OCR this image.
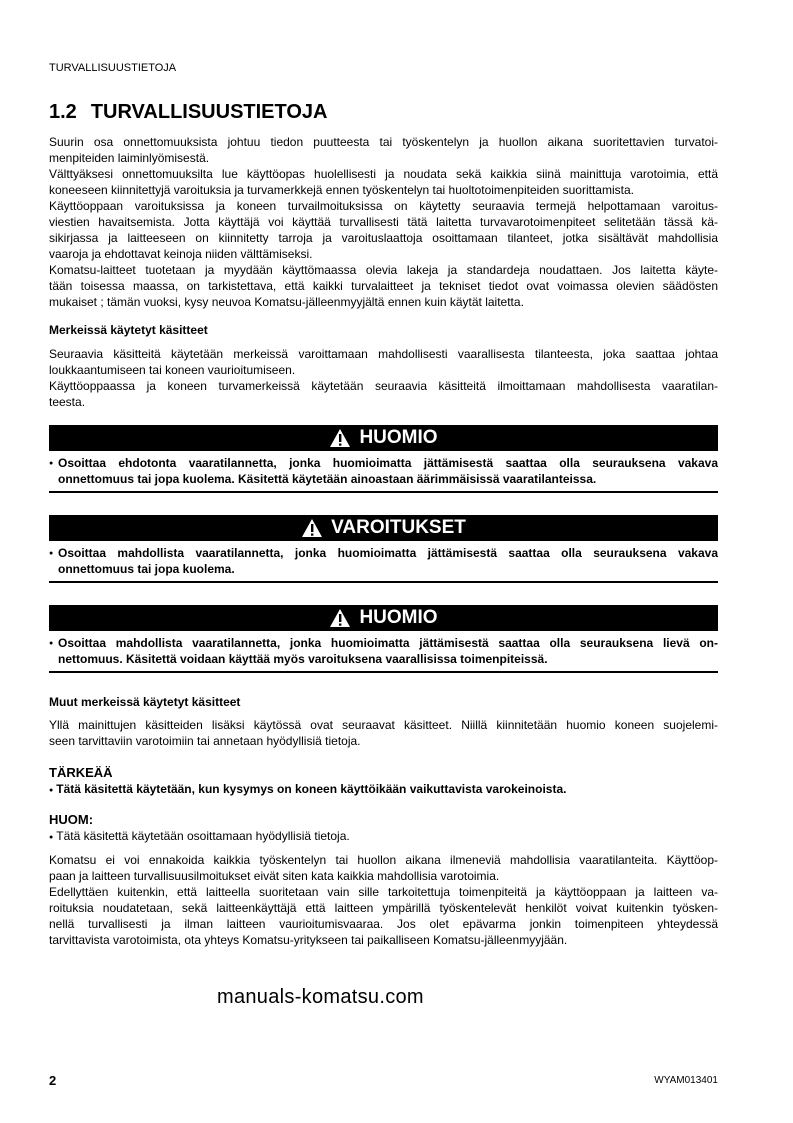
TURVALLISUUSTIETOJA
1.2 TURVALLISUUSTIETOJA
Suurin osa onnettomuuksista johtuu tiedon puutteesta tai työskentelyn ja huollon aikana suoritettavien turvatoi-
menpiteiden laiminlyömisestä.
Välttyäksesi onnettomuuksilta lue käyttöopas huolellisesti ja noudata sekä kaikkia siinä mainittuja varotoimia, että
koneeseen kiinnitettyjä varoituksia ja turvamerkkejä ennen työskentelyn tai huoltotoimenpiteiden suorittamista.
Käyttöoppaan varoituksissa ja koneen turvailmoituksissa on käytetty seuraavia termejä helpottamaan varoitus-
viestien havaitsemista. Jotta käyttäjä voi käyttää turvallisesti tätä laitetta turvavarotoimenpiteet selitetään tässä kä-
sikirjassa ja laitteeseen on kiinnitetty tarroja ja varoituslaattoja osoittamaan tilanteet, jotka sisältävät mahdollisia
vaaroja ja ehdottavat keinoja niiden välttämiseksi.
Komatsu-laitteet tuotetaan ja myydään käyttömaassa olevia lakeja ja standardeja noudattaen. Jos laitetta käyte-
tään toisessa maassa, on tarkistettava, että kaikki turvalaitteet ja tekniset tiedot ovat voimassa olevien säädösten
mukaiset ; tämän vuoksi, kysy neuvoa Komatsu-jälleenmyyjältä ennen kuin käytät laitetta.
Merkeissä käytetyt käsitteet
Seuraavia käsitteitä käytetään merkeissä varoittamaan mahdollisesti vaarallisesta tilanteesta, joka saattaa johtaa
loukkaantumiseen tai koneen vaurioitumiseen.
Käyttöoppaassa ja koneen turvamerkeissä käytetään seuraavia käsitteitä ilmoittamaan mahdollisesta vaaratilan-
teesta.
HUOMIO
● Osoittaa ehdotonta vaaratilannetta, jonka huomioimatta jättämisestä saattaa olla seurauksena vakava
onnettomuus tai jopa kuolema. Käsitettä käytetään ainoastaan äärimmäisissä vaaratilanteissa.
VAROITUKSET
● Osoittaa mahdollista vaaratilannetta, jonka huomioimatta jättämisestä saattaa olla seurauksena vakava
onnettomuus tai jopa kuolema.
HUOMIO
● Osoittaa mahdollista vaaratilannetta, jonka huomioimatta jättämisestä saattaa olla seurauksena lievä on-
nettomuus. Käsitettä voidaan käyttää myös varoituksena vaarallisissa toimenpiteissä.
Muut merkeissä käytetyt käsitteet
Yllä mainittujen käsitteiden lisäksi käytössä ovat seuraavat käsitteet. Niillä kiinnitetään huomio koneen suojelemi-
seen tarvittaviin varotoimiin tai annetaan hyödyllisiä tietoja.
TÄRKEÄÄ
● Tätä käsitettä käytetään, kun kysymys on koneen käyttöikään vaikuttavista varokeinoista.
HUOM:
● Tätä käsitettä käytetään osoittamaan hyödyllisiä tietoja.
Komatsu ei voi ennakoida kaikkia työskentelyn tai huollon aikana ilmeneviä mahdollisia vaaratilanteita. Käyttöop-
paan ja laitteen turvallisuusilmoitukset eivät siten kata kaikkia mahdollisia varotoimia.
Edellyttäen kuitenkin, että laitteella suoritetaan vain sille tarkoitettuja toimenpiteitä ja käyttöoppaan ja laitteen va-
roituksia noudatetaan, sekä laitteenkäyttäjä että laitteen ympärillä työskentelevät henkilöt voivat kuitenkin työsken-
nellä turvallisesti ja ilman laitteen vaurioitumisvaaraa. Jos olet epävarma jonkin toimenpiteen yhteydessä
tarvittavista varotoimista, ota yhteys Komatsu-yritykseen tai paikalliseen Komatsu-jälleenmyyjään.
manuals-komatsu.com
2	WYAM013401
